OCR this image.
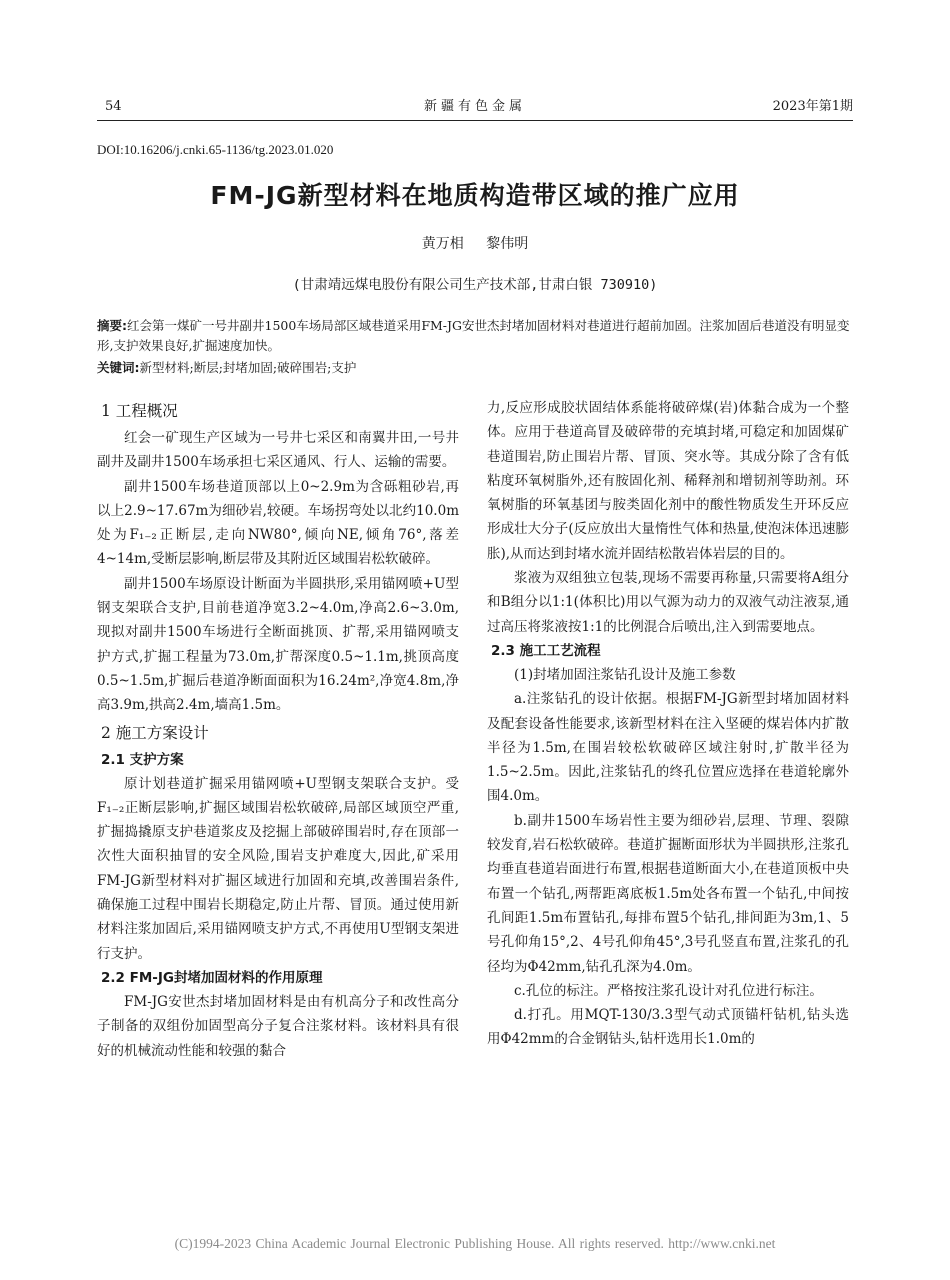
54	新疆有色金属	2023年第1期
DOI:10.16206/j.cnki.65-1136/tg.2023.01.020
FM-JG新型材料在地质构造带区域的推广应用
黄万相 黎伟明
(甘肃靖远煤电股份有限公司生产技术部,甘肃白银 730910)
摘要:红会第一煤矿一号井副井1500车场局部区域巷道采用FM-JG安世杰封堵加固材料对巷道进行超前加固。注浆加固后巷道没有明显变形,支护效果良好,扩掘速度加快。
关键词:新型材料;断层;封堵加固;破碎围岩;支护
1 工程概况

红会一矿现生产区域为一号井七采区和南翼井田,一号井副井及副井1500车场承担七采区通风、行人、运输的需要。

副井1500车场巷道顶部以上0~2.9m为含砾粗砂岩,再以上2.9~17.67m为细砂岩,较硬。车场拐弯处以北约10.0m处为F₁₋₂正断层,走向NW80°,倾向NE,倾角76°,落差4~14m,受断层影响,断层带及其附近区域围岩松软破碎。

副井1500车场原设计断面为半圆拱形,采用锚网喷+U型钢支架联合支护,目前巷道净宽3.2~4.0m,净高2.6~3.0m,现拟对副井1500车场进行全断面挑顶、扩帮,采用锚网喷支护方式,扩掘工程量为73.0m,扩帮深度0.5~1.1m,挑顶高度0.5~1.5m,扩掘后巷道净断面面积为16.24m²,净宽4.8m,净高3.9m,拱高2.4m,墙高1.5m。

2 施工方案设计
2.1 支护方案

原计划巷道扩掘采用锚网喷+U型钢支架联合支护。受F₁₋₂正断层影响,扩掘区域围岩松软破碎,局部区域顶空严重,扩掘捣撬原支护巷道浆皮及挖掘上部破碎围岩时,存在顶部一次性大面积抽冒的安全风险,围岩支护难度大,因此,矿采用FM-JG新型材料对扩掘区域进行加固和充填,改善围岩条件,确保施工过程中围岩长期稳定,防止片帮、冒顶。通过使用新材料注浆加固后,采用锚网喷支护方式,不再使用U型钢支架进行支护。

2.2 FM-JG封堵加固材料的作用原理

FM-JG安世杰封堵加固材料是由有机高分子和改性高分子制备的双组份加固型高分子复合注浆材料。该材料具有很好的机械流动性能和较强的黏合

力,反应形成胶状固结体系能将破碎煤(岩)体黏合成为一个整体。应用于巷道高冒及破碎带的充填封堵,可稳定和加固煤矿巷道围岩,防止围岩片帮、冒顶、突水等。其成分除了含有低粘度环氧树脂外,还有胺固化剂、稀释剂和增韧剂等助剂。环氧树脂的环氧基团与胺类固化剂中的酸性物质发生开环反应形成壮大分子(反应放出大量惰性气体和热量,使泡沫体迅速膨胀),从而达到封堵水流并固结松散岩体岩层的目的。

浆液为双组独立包装,现场不需要再称量,只需要将A组分和B组分以1:1(体积比)用以气源为动力的双液气动注液泵,通过高压将浆液按1:1的比例混合后喷出,注入到需要地点。

2.3 施工工艺流程

(1)封堵加固注浆钻孔设计及施工参数

a.注浆钻孔的设计依据。根据FM-JG新型封堵加固材料及配套设备性能要求,该新型材料在注入坚硬的煤岩体内扩散半径为1.5m,在围岩较松软破碎区域注射时,扩散半径为1.5~2.5m。因此,注浆钻孔的终孔位置应选择在巷道轮廓外围4.0m。

b.副井1500车场岩性主要为细砂岩,层理、节理、裂隙较发育,岩石松软破碎。巷道扩掘断面形状为半圆拱形,注浆孔均垂直巷道岩面进行布置,根据巷道断面大小,在巷道顶板中央布置一个钻孔,两帮距离底板1.5m处各布置一个钻孔,中间按孔间距1.5m布置钻孔,每排布置5个钻孔,排间距为3m,1、5号孔仰角15°,2、4号孔仰角45°,3号孔竖直布置,注浆孔的孔径均为Φ42mm,钻孔孔深为4.0m。

c.孔位的标注。严格按注浆孔设计对孔位进行标注。

d.打孔。用MQT-130/3.3型气动式顶锚杆钻机,钻头选用Φ42mm的合金钢钻头,钻杆选用长1.0m的

(C)1994-2023 China Academic Journal Electronic Publishing House. All rights reserved. http://www.cnki.net
